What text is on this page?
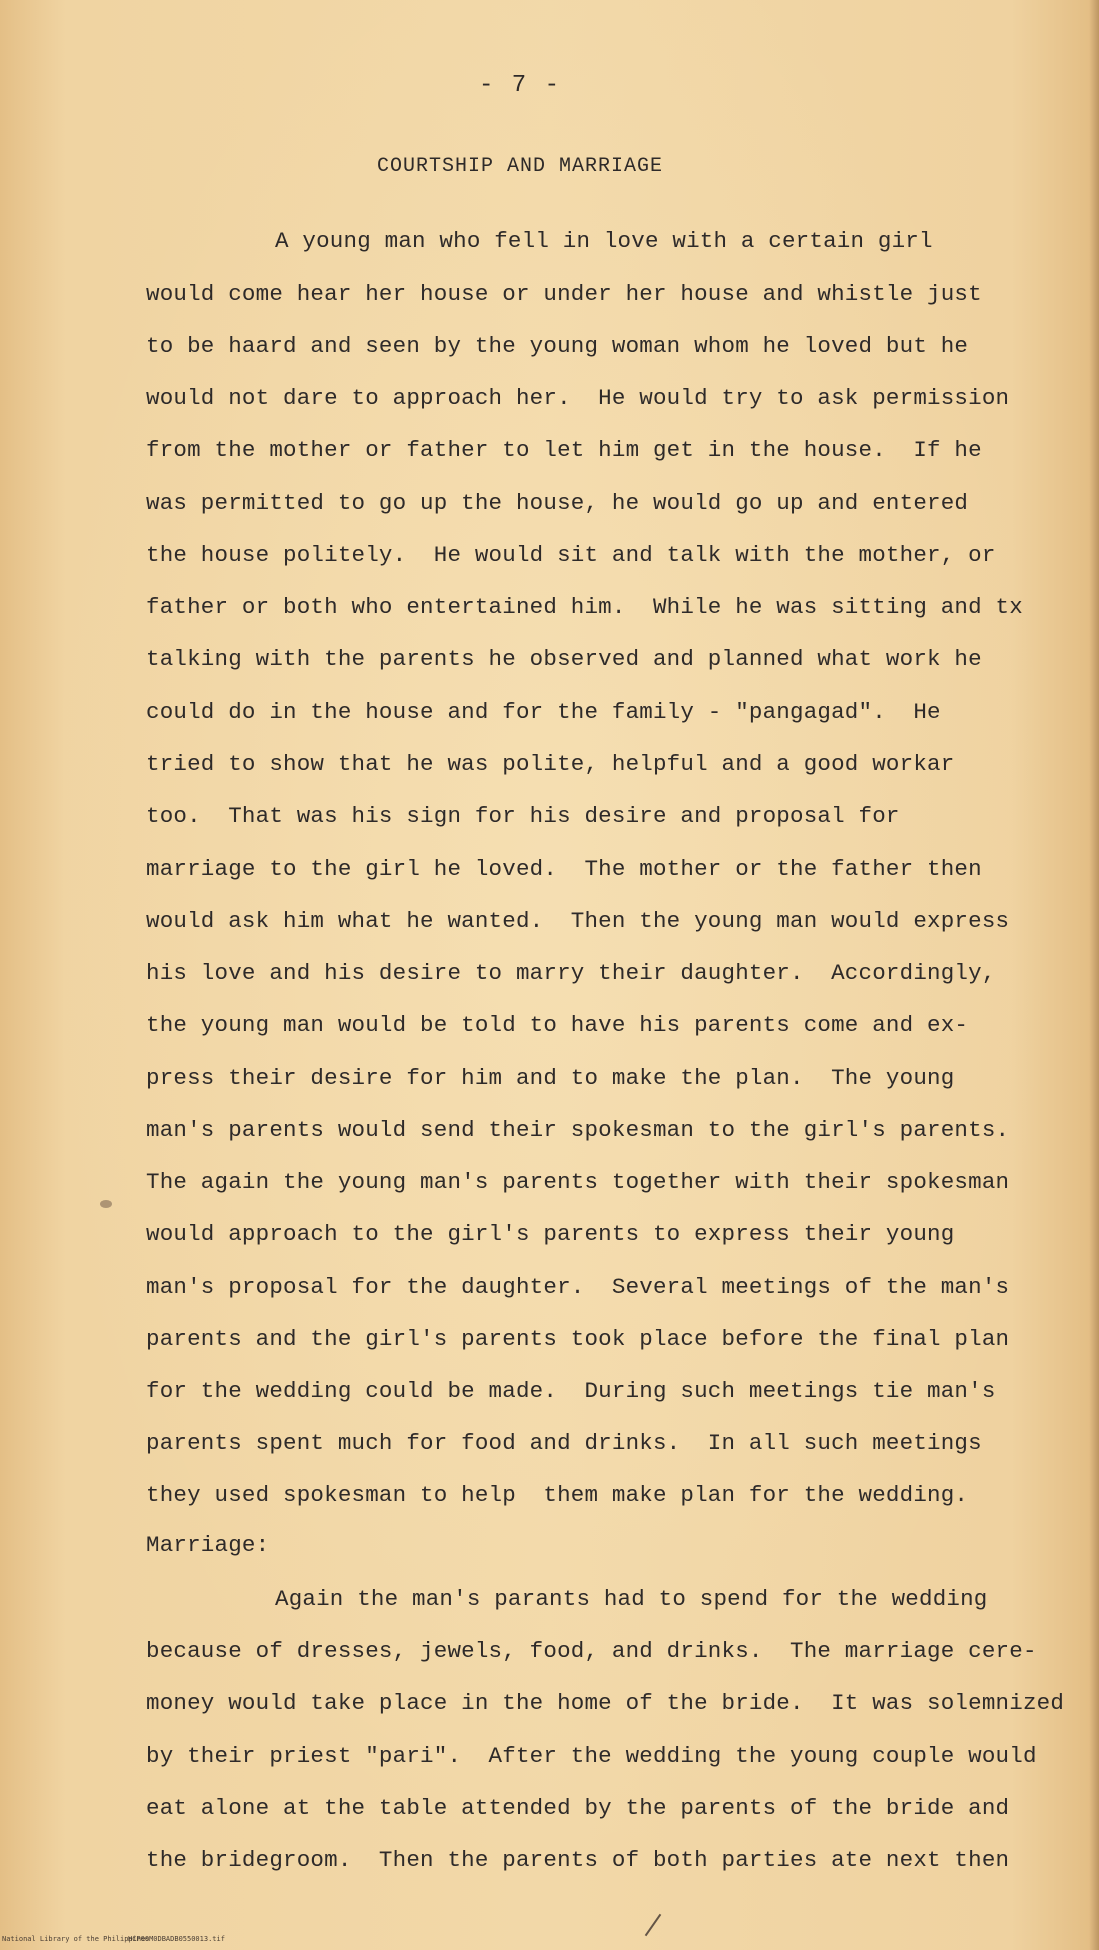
- 7 -
COURTSHIP AND MARRIAGE
A young man who fell in love with a certain girl
would come hear her house or under her house and whistle just
to be haard and seen by the young woman whom he loved but he
would not dare to approach her.  He would try to ask permission
from the mother or father to let him get in the house.  If he
was permitted to go up the house, he would go up and entered
the house politely.  He would sit and talk with the mother, or
father or both who entertained him.  While he was sitting and tx
talking with the parents he observed and planned what work he
could do in the house and for the family - "pangagad".  He
tried to show that he was polite, helpful and a good workar
too.  That was his sign for his desire and proposal for
marriage to the girl he loved.  The mother or the father then
would ask him what he wanted.  Then the young man would express
his love and his desire to marry their daughter.  Accordingly,
the young man would be told to have his parents come and ex-
press their desire for him and to make the plan.  The young
man's parents would send their spokesman to the girl's parents.
The again the young man's parents together with their spokesman
would approach to the girl's parents to express their young
man's proposal for the daughter.  Several meetings of the man's
parents and the girl's parents took place before the final plan
for the wedding could be made.  During such meetings tie man's
parents spent much for food and drinks.  In all such meetings
they used spokesman to help  them make plan for the wedding.
Marriage:
Again the man's parants had to spend for the wedding
because of dresses, jewels, food, and drinks.  The marriage cere-
money would take place in the home of the bride.  It was solemnized
by their priest "pari".  After the wedding the young couple would
eat alone at the table attended by the parents of the bride and
the bridegroom.  Then the parents of both parties ate next then
National Library of the Philippines
HCP00M0DBADB0550013.tif
